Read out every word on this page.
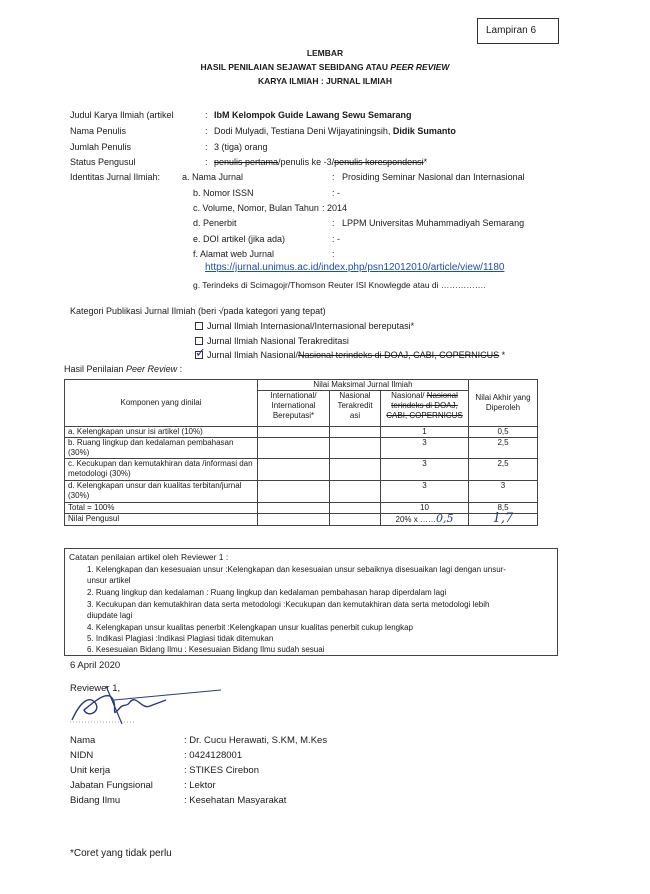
Lampiran 6
LEMBAR
HASIL PENILAIAN SEJAWAT SEBIDANG ATAU PEER REVIEW
KARYA ILMIAH : JURNAL ILMIAH
Judul Karya Ilmiah (artikel	: IbM Kelompok Guide Lawang Sewu Semarang
Nama Penulis	: Dodi Mulyadi, Testiana Deni Wijayatiningsih, Didik Sumanto
Jumlah Penulis	: 3 (tiga) orang
Status Pengusul	: penulis pertama/penulis ke -3/penulis korespondensi*
Identitas Jurnal Ilmiah: a. Nama Jurnal	: Prosiding Seminar Nasional dan Internasional
b. Nomor ISSN	: -
c. Volume, Nomor, Bulan Tahun : 2014
d. Penerbit	: LPPM Universitas Muhammadiyah Semarang
e. DOI artikel (jika ada)	: -
f. Alamat web Jurnal	:
https://jurnal.unimus.ac.id/index.php/psn12012010/article/view/1180
g. Terindeks di Scimagojr/Thomson Reuter ISI Knowlegde atau di …………….
Kategori Publikasi Jurnal Ilmiah (beri √pada kategori yang tepat)
Jurnal Ilmiah Internasional/Internasional bereputasi*
Jurnal Ilmiah Nasional Terakreditasi
✓ Jurnal Ilmiah Nasional/Nasional terindeks di DOAJ, CABI, COPERNICUS *
Hasil Penilaian Peer Review :
Komponen yang dinilai	Nilai Maksimal Jurnal Ilmiah			Nilai Akhir yang Diperoleh
	International/ International Bereputasi*	Nasional Terakredit asi	Nasional/ Nasional terindeks di DOAJ, CABI, COPERNICUS	
a. Kelengkapan unsur isi artikel (10%)			1	0,5
b. Ruang lingkup dan kedalaman pembahasan (30%)			3	2,5
c. Kecukupan dan kemutakhiran data /informasi dan metodologi (30%)			3	2,5
d. Kelengkapan unsur dan kualitas terbitan/jurnal (30%)			3	3
Total = 100%			10	8,5
Nilai Pengusul			20% x ……0,5	1,7
Catatan penilaian artikel oleh Reviewer 1 :
1. Kelengkapan dan kesesuaian unsur :Kelengkapan dan kesesuaian unsur sebaiknya disesuaikan lagi dengan unsur-
unsur artikel
2. Ruang lingkup dan kedalaman : Ruang lingkup dan kedalaman pembahasan harap diperdalam lagi
3. Kecukupan dan kemutakhiran data serta metodologi :Kecukupan dan kemutakhiran data serta metodologi lebih
diupdate lagi
4. Kelengkapan unsur kualitas penerbit :Kelengkapan unsur kualitas penerbit cukup lengkap
5. Indikasi Plagiasi :Indikasi Plagiasi tidak ditemukan
6. Kesesuaian Bidang Ilmu : Kesesuaian Bidang Ilmu sudah sesuai
6 April 2020
Reviewer 1,
Nama	: Dr. Cucu Herawati, S.KM, M.Kes
NIDN	: 0424128001
Unit kerja	: STIKES Cirebon
Jabatan Fungsional	: Lektor
Bidang Ilmu	: Kesehatan Masyarakat
*Coret yang tidak perlu
